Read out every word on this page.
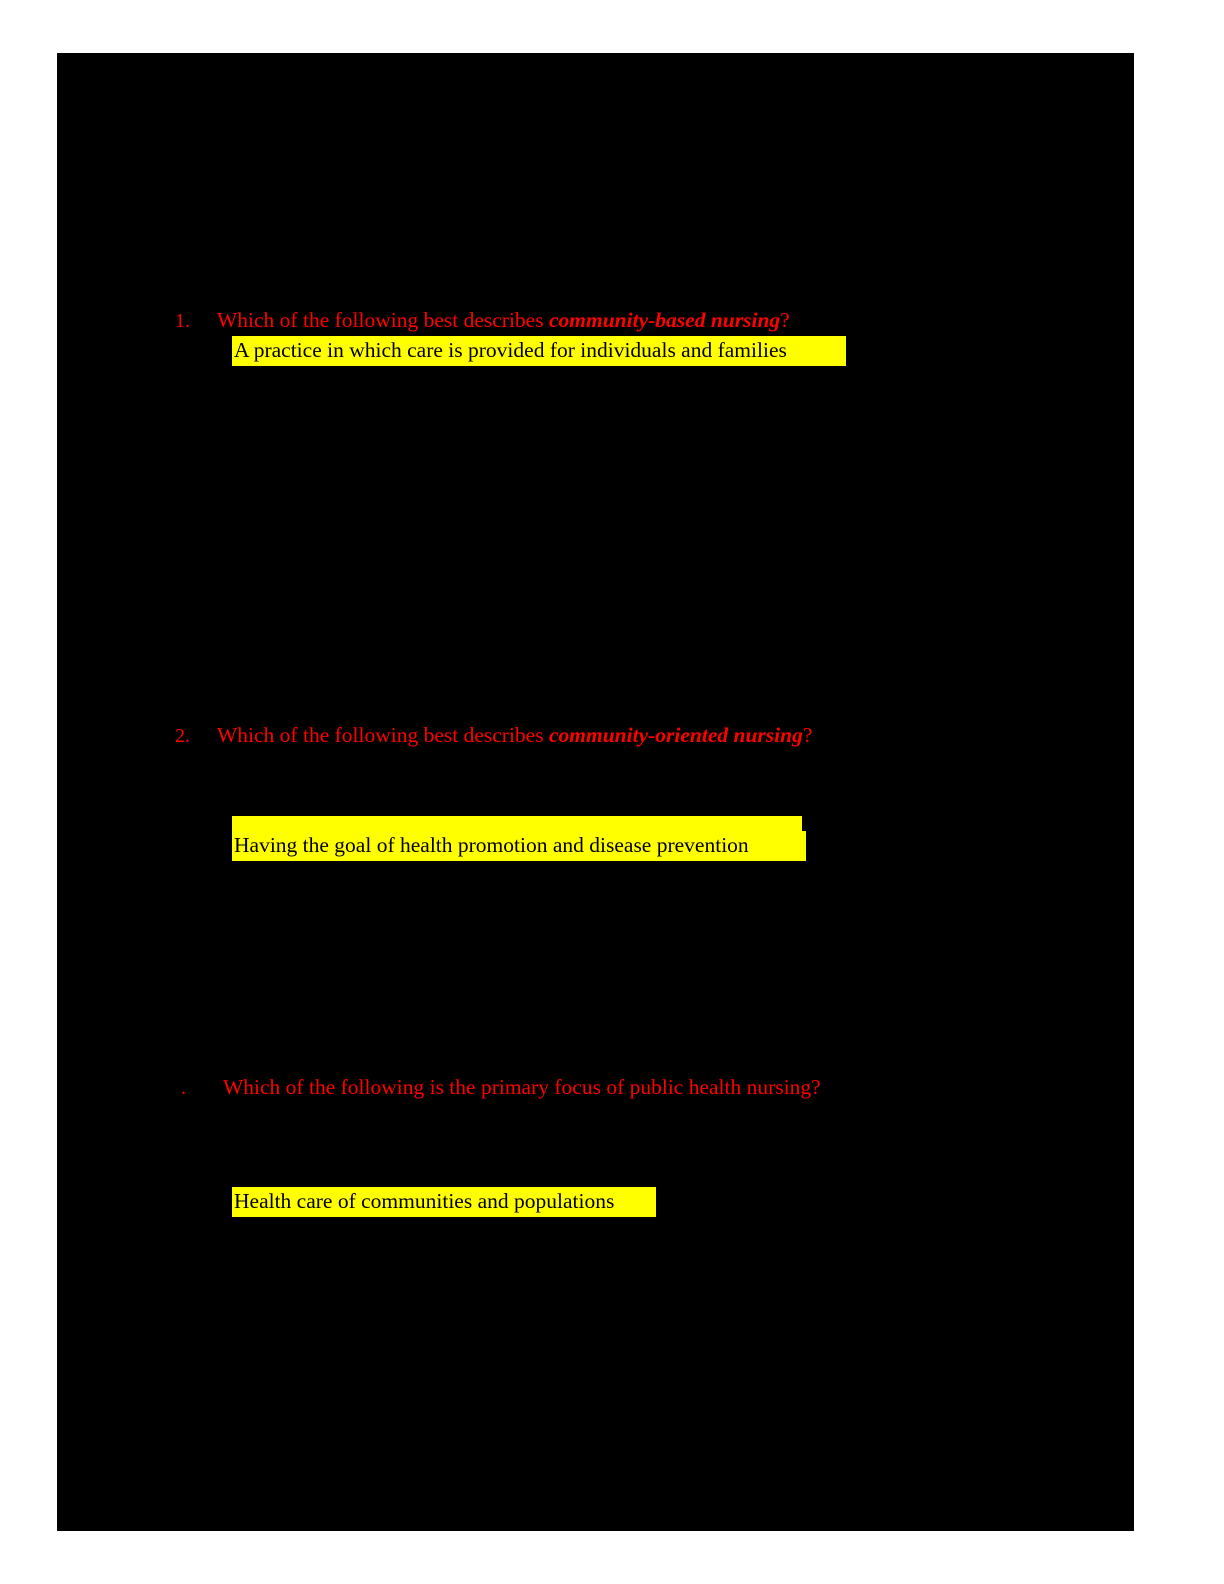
1.	Which of the following best describes community-based nursing?
A practice in which care is provided for individuals and families
2.	Which of the following best describes community-oriented nursing?
Having the goal of health promotion and disease prevention
.	Which of the following is the primary focus of public health nursing?
Health care of communities and populations
